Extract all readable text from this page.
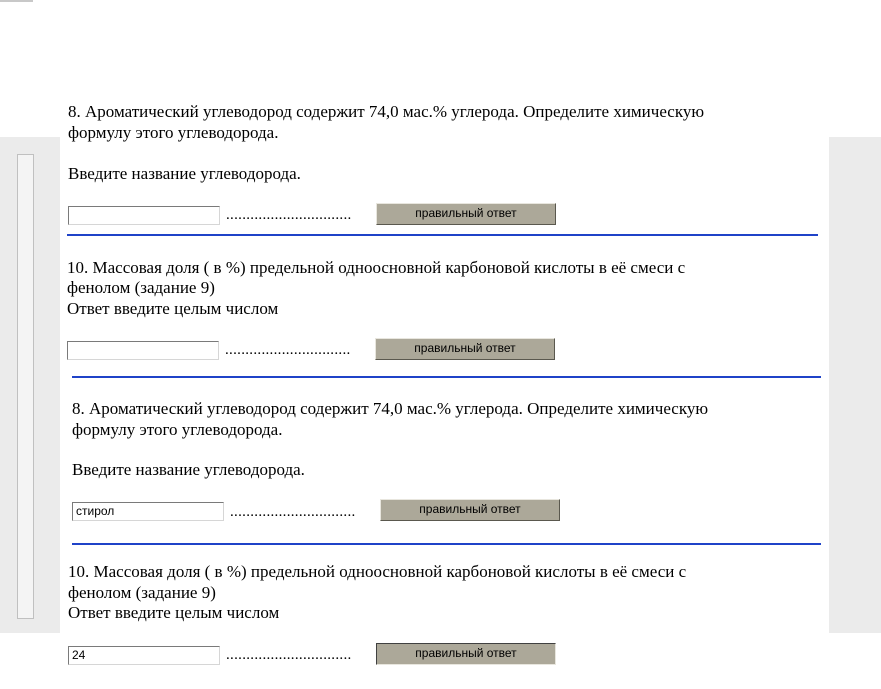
8. Ароматический углеводород содержит 74,0 мас.% углерода. Определите химическую
формулу этого углеводорода.
Введите название углеводорода.
...............................	правильный ответ
10. Массовая доля ( в %) предельной одноосновной карбоновой кислоты в её смеси с
фенолом (задание 9)
Ответ введите целым числом
...............................	правильный ответ
8. Ароматический углеводород содержит 74,0 мас.% углерода. Определите химическую
формулу этого углеводорода.
Введите название углеводорода.
стирол	...............................	правильный ответ
10. Массовая доля ( в %) предельной одноосновной карбоновой кислоты в её смеси с
фенолом (задание 9)
Ответ введите целым числом
24	...............................	правильный ответ
